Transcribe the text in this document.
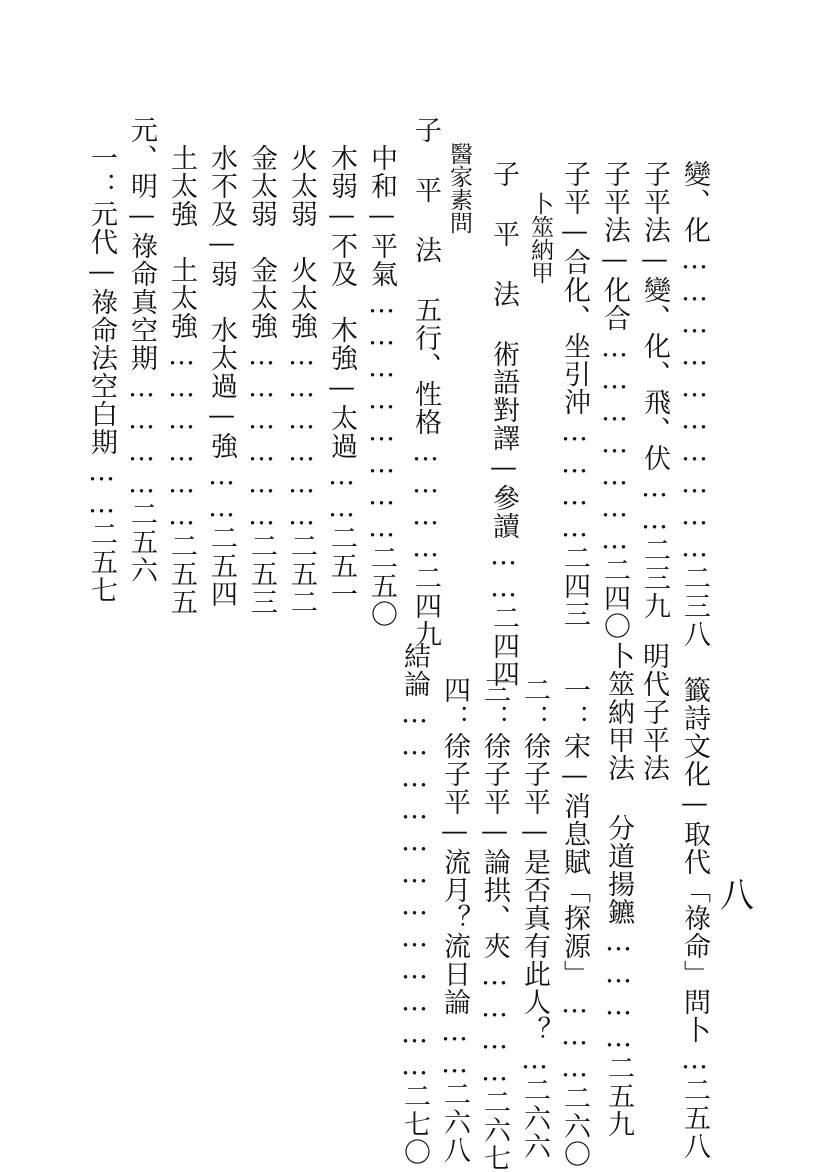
變、化…………………………二三八
子平法—變、化、飛、伏……二三九
子平法—化合…………………二四〇
子平—合化、坐引沖…………二四三
卜筮納甲
子 平 法 術語對譯—參讀……二四四
醫家素問
子 平 法 五行、性格…………二四九
中和—平氣……………………二五〇
木弱—不及　木強—太過……二五一
火太弱　火太強………………二五二
金太弱　金太強………………二五三
水不及—弱　水太過—強……二五四
土太強　土太強………………二五五
元、明—祿命真空期…………二五六
一：元代—祿命法空白期……二五七
八
籤詩文化—取代「祿命」問卜…二五八
明代子平法
卜筮納甲法 分道揚鑣…………二五九
一：宋—消息賦「探源」………二六〇
二：徐子平—是否真有此人？…二六六
三：徐子平—論拱、夾…………二六七
四：徐子平—流月？流日論……二六八
結論………………………………二七〇
